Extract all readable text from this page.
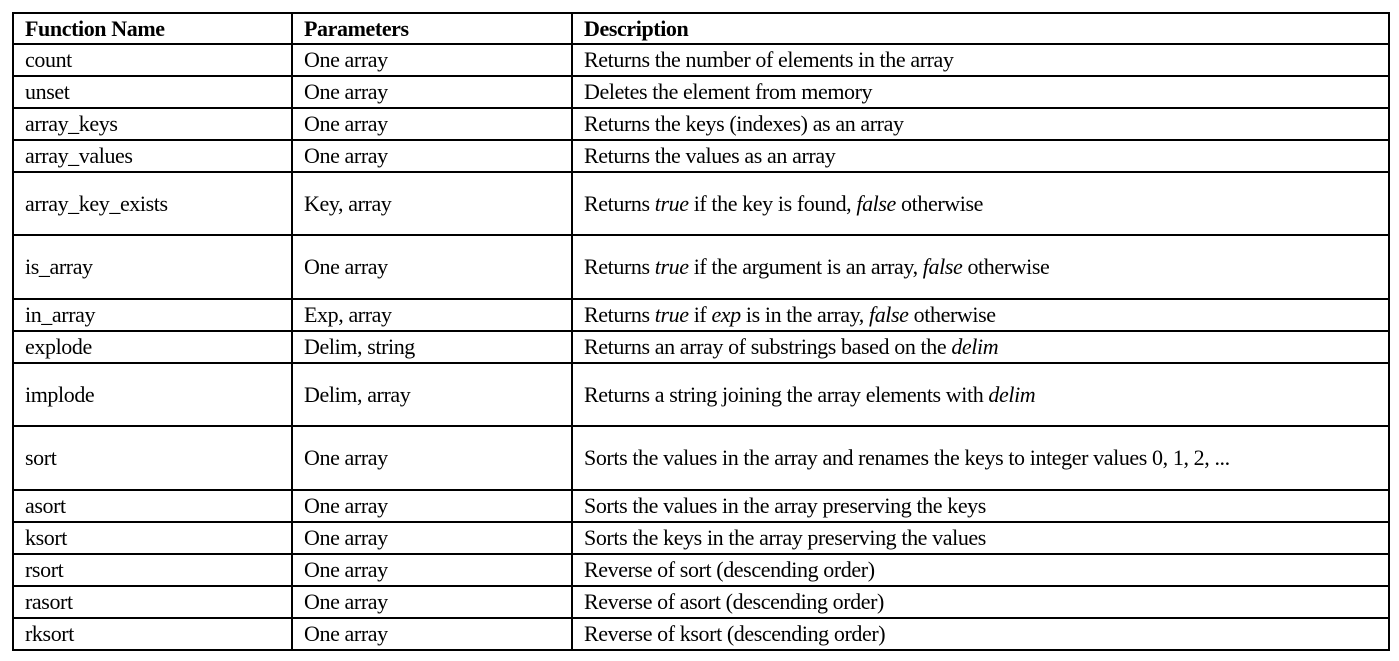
Function Name	Parameters	Description
count	One array	Returns the number of elements in the array
unset	One array	Deletes the element from memory
array_keys	One array	Returns the keys (indexes) as an array
array_values	One array	Returns the values as an array
array_key_exists	Key, array	Returns true if the key is found, false otherwise
is_array	One array	Returns true if the argument is an array, false otherwise
in_array	Exp, array	Returns true if exp is in the array, false otherwise
explode	Delim, string	Returns an array of substrings based on the delim
implode	Delim, array	Returns a string joining the array elements with delim
sort	One array	Sorts the values in the array and renames the keys to integer values 0, 1, 2, ...
asort	One array	Sorts the values in the array preserving the keys
ksort	One array	Sorts the keys in the array preserving the values
rsort	One array	Reverse of sort (descending order)
rasort	One array	Reverse of asort (descending order)
rksort	One array	Reverse of ksort (descending order)
